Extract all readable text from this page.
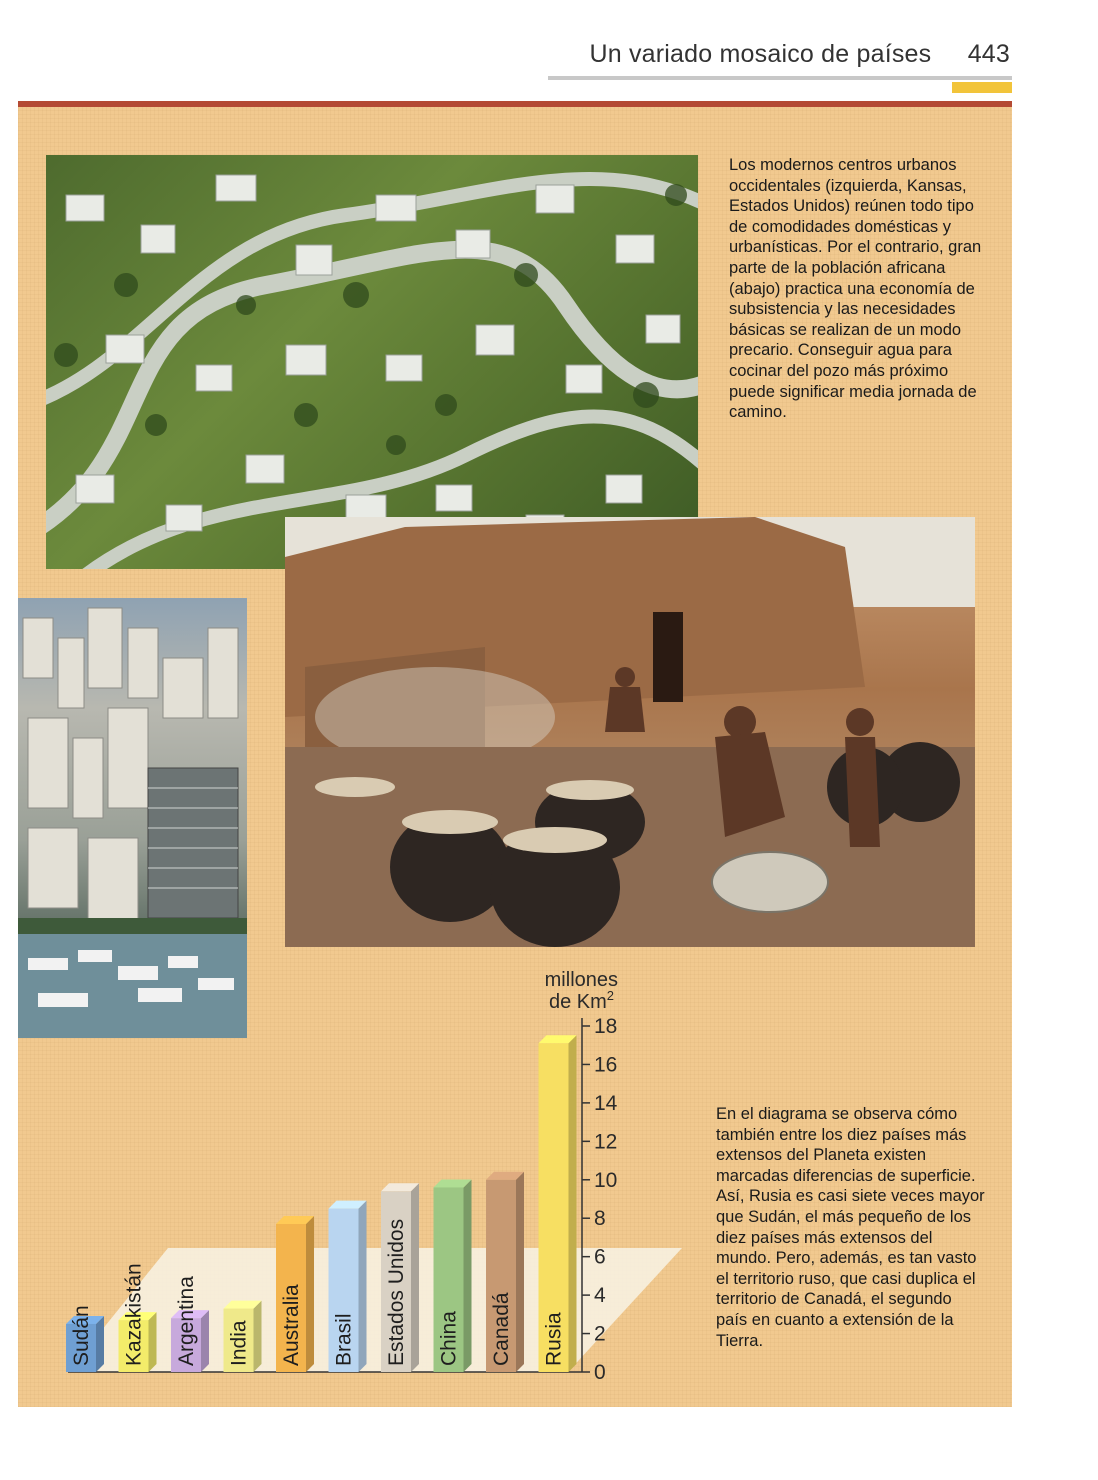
Un variado mosaico de países 443

Los modernos centros urbanos occidentales (izquierda, Kansas, Estados Unidos) reúnen todo tipo de comodidades domésticas y urbanísticas. Por el contrario, gran parte de la población africana (abajo) practica una economía de subsistencia y las necesidades básicas se realizan de un modo precario. Conseguir agua para cocinar del pozo más próximo puede significar media jornada de camino.

En el diagrama se observa cómo también entre los diez países más extensos del Planeta existen marcadas diferencias de superficie. Así, Rusia es casi siete veces mayor que Sudán, el más pequeño de los diez países más extensos del mundo. Pero, además, es tan vasto el territorio ruso, que casi duplica el territorio de Canadá, el segundo país en cuanto a extensión de la Tierra.

millones
de Km$^2$
0
2
4
6
8
10
12
14
16
18
Sudán Kazakistán Argentina India Australia Brasil Estados Unidos China Canadá Rusia
